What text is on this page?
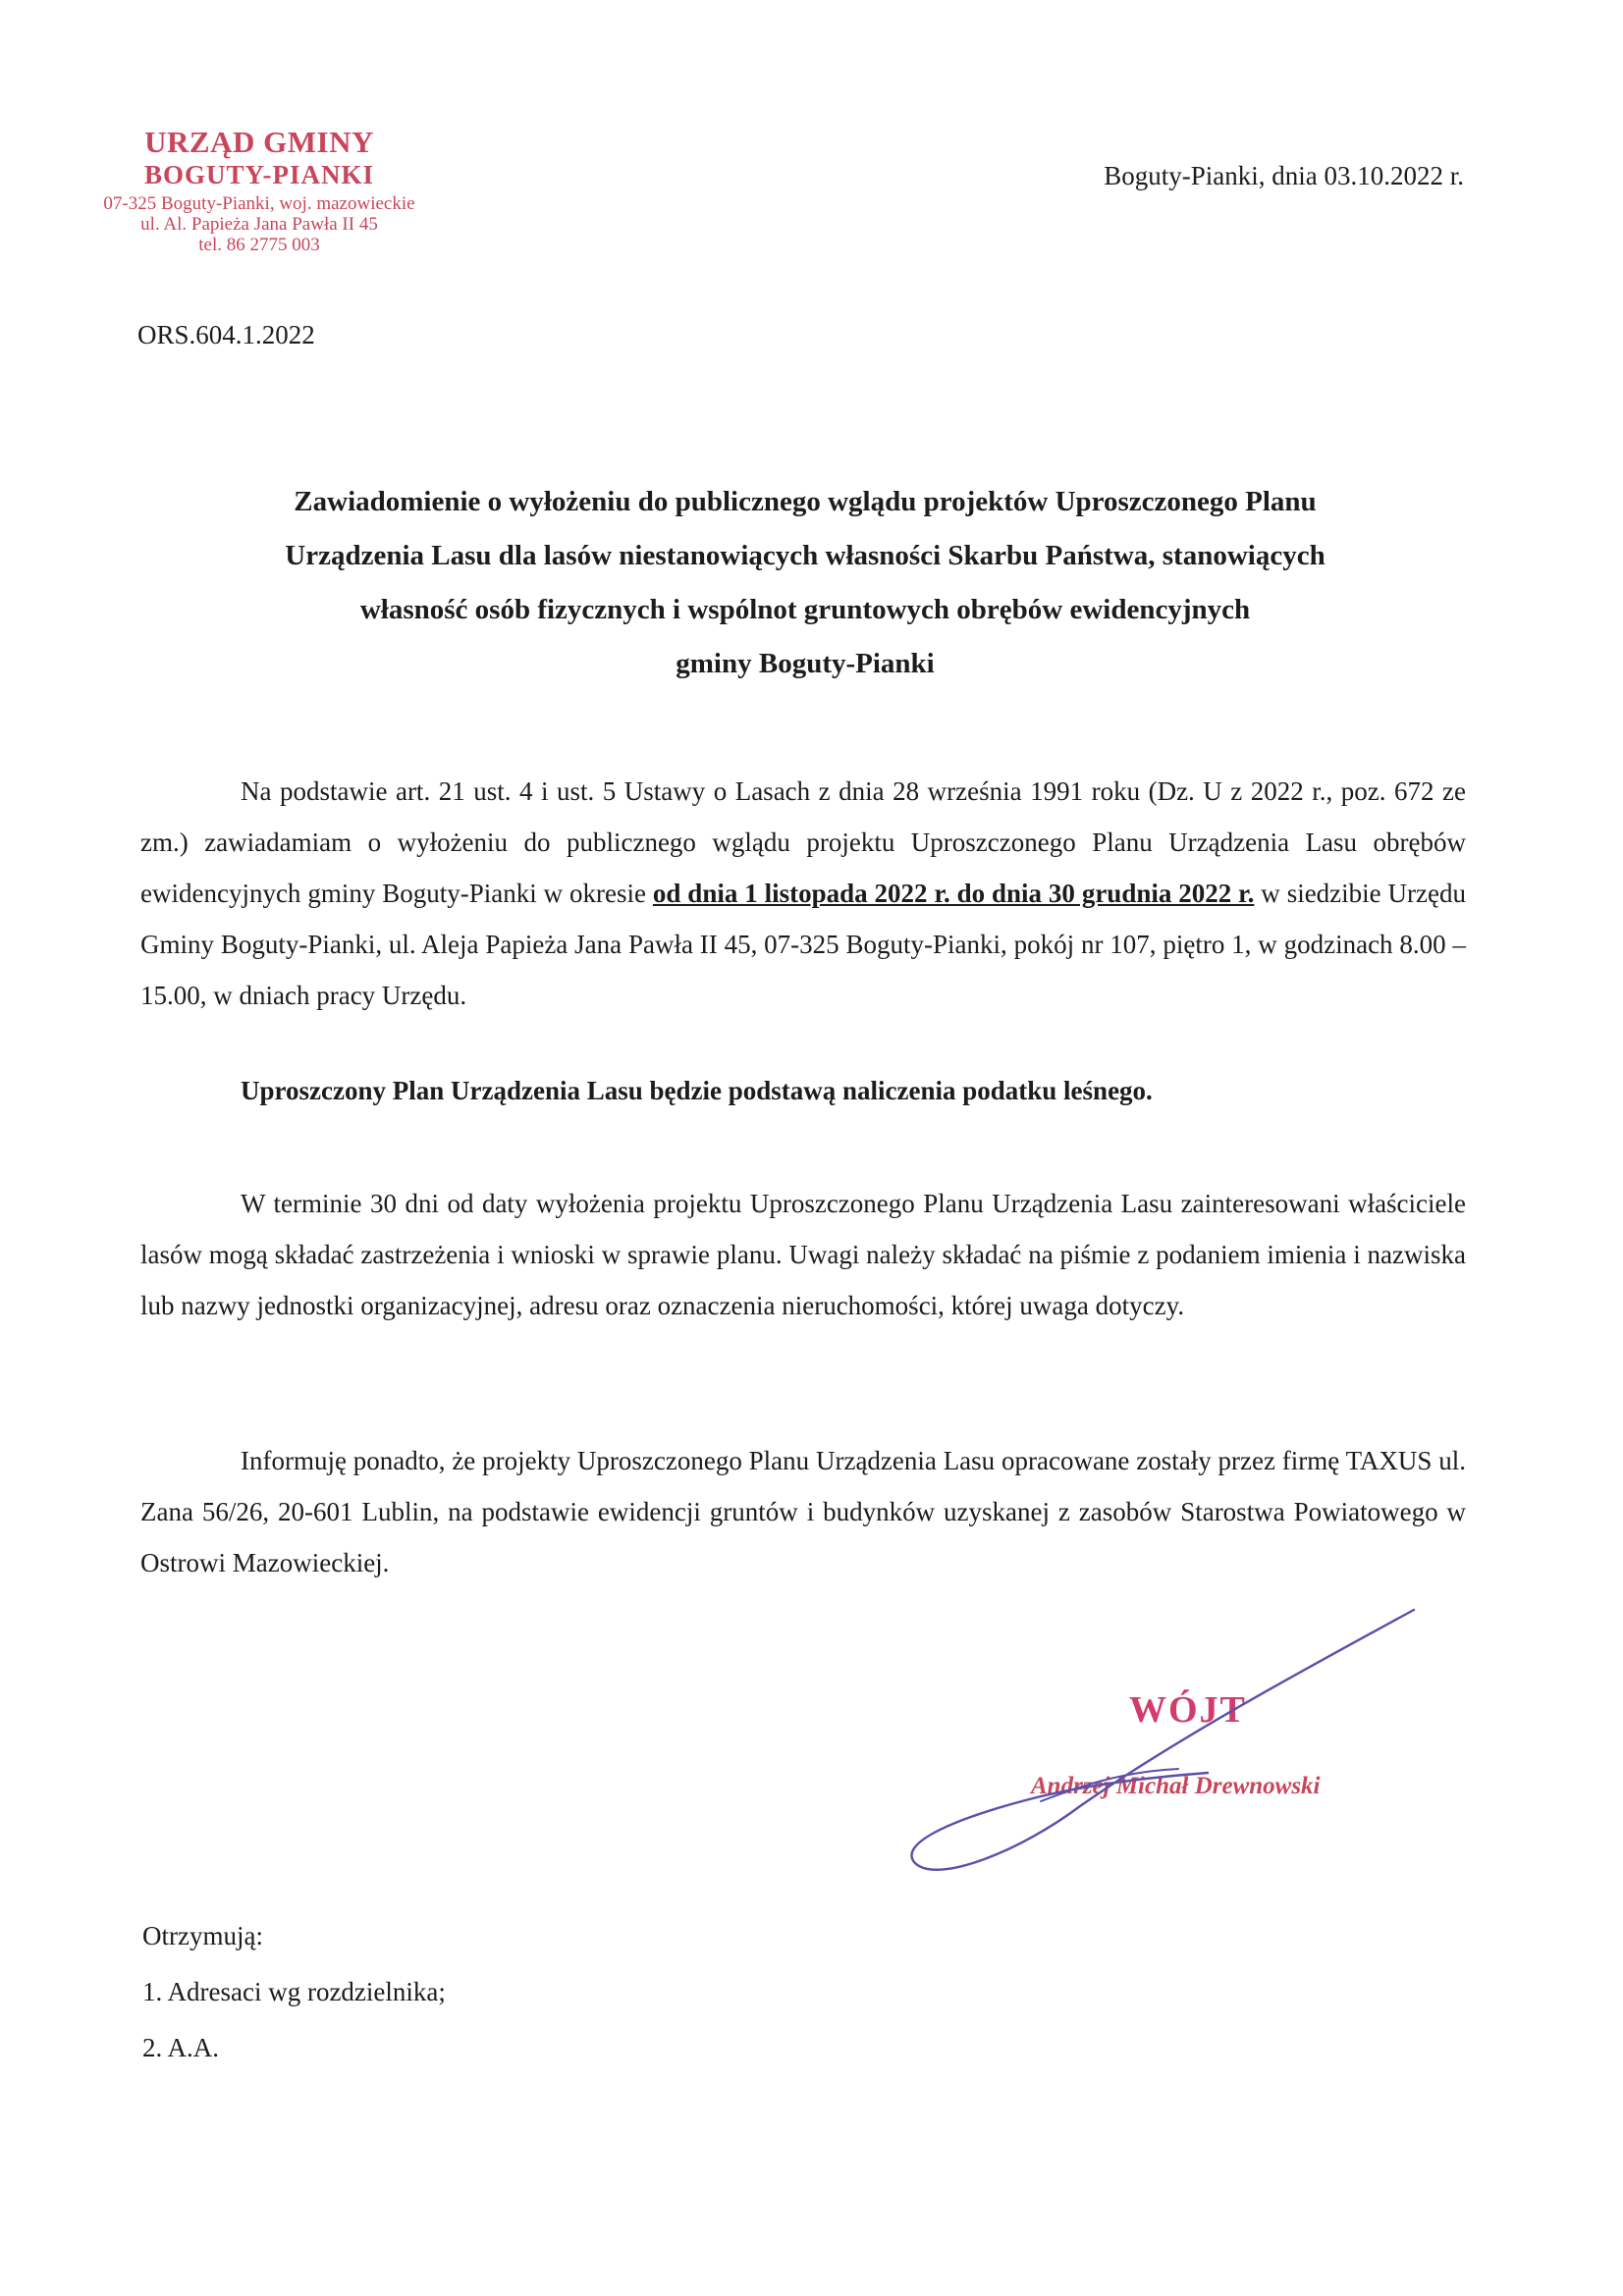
URZĄD GMINY
BOGUTY-PIANKI
07-325 Boguty-Pianki, woj. mazowieckie
ul. Al. Papieża Jana Pawła II 45
tel. 86 2775 003
Boguty-Pianki, dnia 03.10.2022 r.
ORS.604.1.2022
Zawiadomienie o wyłożeniu do publicznego wglądu projektów Uproszczonego Planu
Urządzenia Lasu dla lasów niestanowiących własności Skarbu Państwa, stanowiących
własność osób fizycznych i wspólnot gruntowych obrębów ewidencyjnych
gminy Boguty-Pianki
Na podstawie art. 21 ust. 4 i ust. 5 Ustawy o Lasach z dnia 28 września 1991 roku (Dz. U z 2022 r., poz. 672 ze zm.) zawiadamiam o wyłożeniu do publicznego wglądu projektu Uproszczonego Planu Urządzenia Lasu obrębów ewidencyjnych gminy Boguty-Pianki w okresie od dnia 1 listopada 2022 r. do dnia 30 grudnia 2022 r. w siedzibie Urzędu Gminy Boguty-Pianki, ul. Aleja Papieża Jana Pawła II 45, 07-325 Boguty-Pianki, pokój nr 107, piętro 1, w godzinach 8.00 – 15.00, w dniach pracy Urzędu.
Uproszczony Plan Urządzenia Lasu będzie podstawą naliczenia podatku leśnego.
W terminie 30 dni od daty wyłożenia projektu Uproszczonego Planu Urządzenia Lasu zainteresowani właściciele lasów mogą składać zastrzeżenia i wnioski w sprawie planu. Uwagi należy składać na piśmie z podaniem imienia i nazwiska lub nazwy jednostki organizacyjnej, adresu oraz oznaczenia nieruchomości, której uwaga dotyczy.
Informuję ponadto, że projekty Uproszczonego Planu Urządzenia Lasu opracowane zostały przez firmę TAXUS ul. Zana 56/26, 20-601 Lublin, na podstawie ewidencji gruntów i budynków uzyskanej z zasobów Starostwa Powiatowego w Ostrowi Mazowieckiej.
WÓJT
Andrzej Michał Drewnowski
Otrzymują:
1. Adresaci wg rozdzielnika;
2. A.A.
